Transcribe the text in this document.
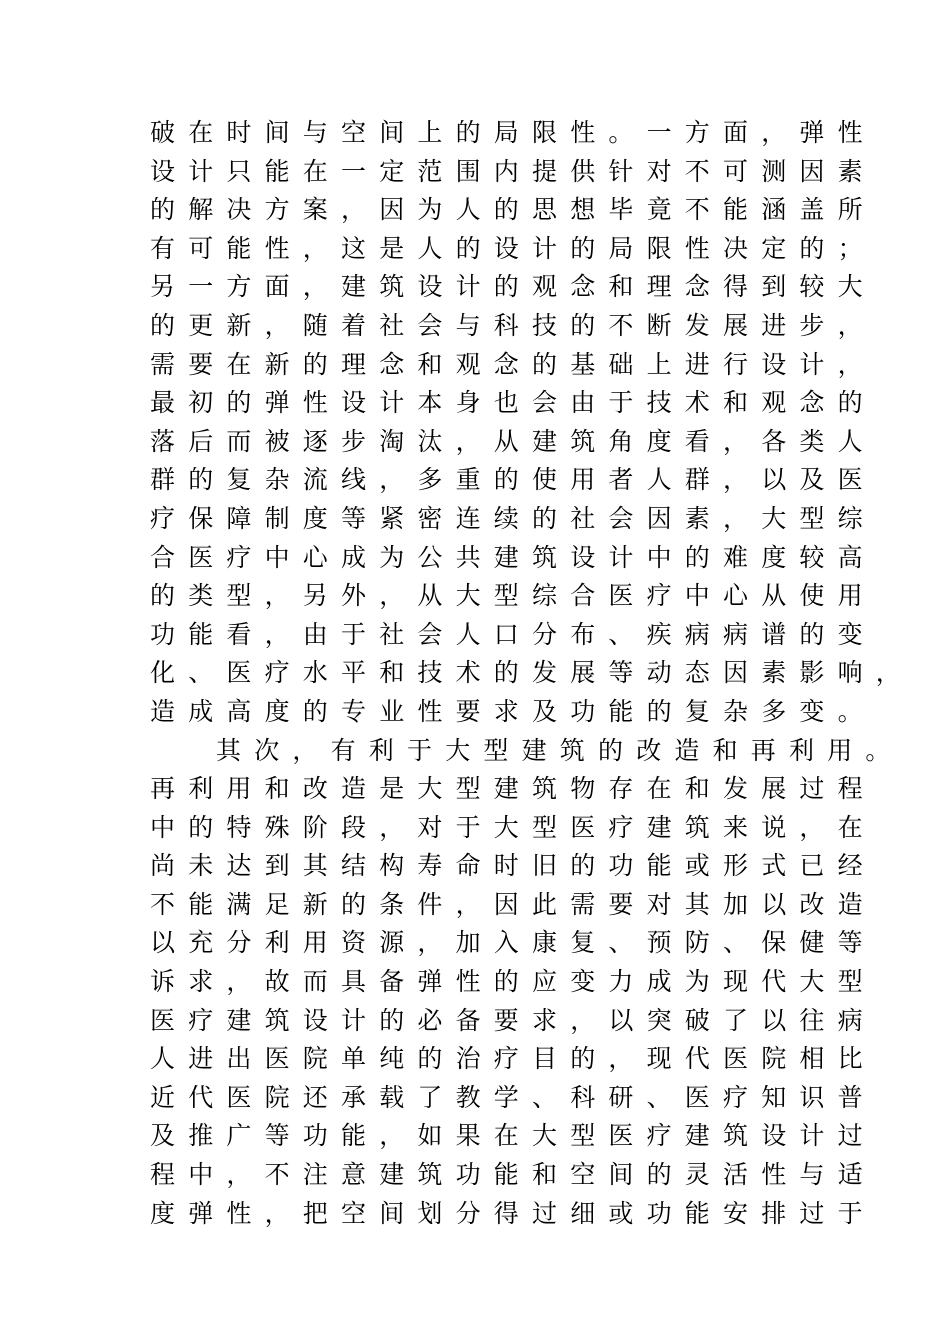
破在时间与空间上的局限性。一方面，弹性
设计只能在一定范围内提供针对不可测因素
的解决方案，因为人的思想毕竟不能涵盖所
有可能性，这是人的设计的局限性决定的；
另一方面，建筑设计的观念和理念得到较大
的更新，随着社会与科技的不断发展进步，
需要在新的理念和观念的基础上进行设计，
最初的弹性设计本身也会由于技术和观念的
落后而被逐步淘汰，从建筑角度看，各类人
群的复杂流线，多重的使用者人群，以及医
疗保障制度等紧密连续的社会因素，大型综
合医疗中心成为公共建筑设计中的难度较高
的类型，另外，从大型综合医疗中心从使用
功能看，由于社会人口分布、疾病病谱的变
化、医疗水平和技术的发展等动态因素影响，
造成高度的专业性要求及功能的复杂多变。
其次，有利于大型建筑的改造和再利用。
再利用和改造是大型建筑物存在和发展过程
中的特殊阶段，对于大型医疗建筑来说，在
尚未达到其结构寿命时旧的功能或形式已经
不能满足新的条件，因此需要对其加以改造
以充分利用资源，加入康复、预防、保健等
诉求，故而具备弹性的应变力成为现代大型
医疗建筑设计的必备要求，以突破了以往病
人进出医院单纯的治疗目的，现代医院相比
近代医院还承载了教学、科研、医疗知识普
及推广等功能，如果在大型医疗建筑设计过
程中，不注意建筑功能和空间的灵活性与适
度弹性，把空间划分得过细或功能安排过于
